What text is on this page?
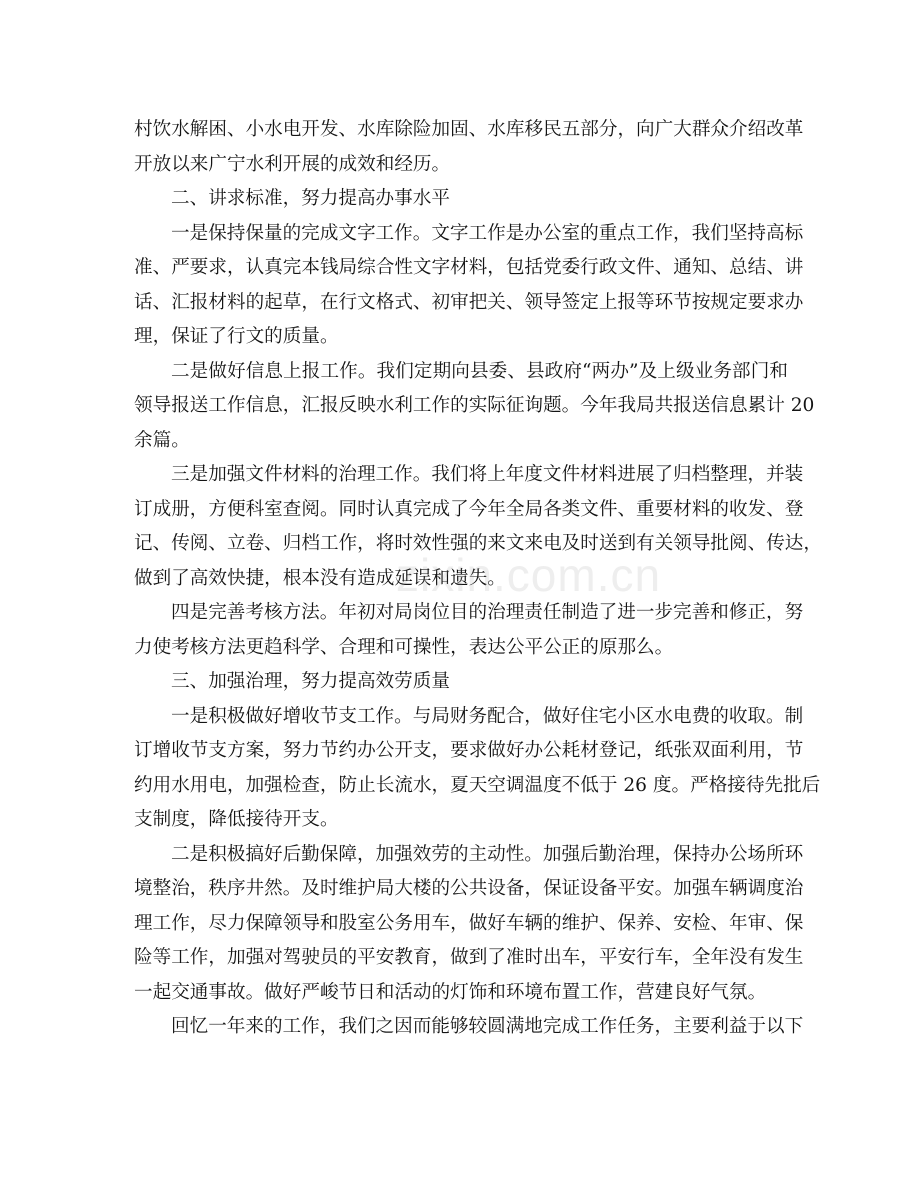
村饮水解困、小水电开发、水库除险加固、水库移民五部分，向广大群众介绍改革
开放以来广宁水利开展的成效和经历。
二、讲求标准，努力提高办事水平
一是保持保量的完成文字工作。文字工作是办公室的重点工作，我们坚持高标
准、严要求，认真完本钱局综合性文字材料，包括党委行政文件、通知、总结、讲
话、汇报材料的起草，在行文格式、初审把关、领导签定上报等环节按规定要求办
理，保证了行文的质量。
二是做好信息上报工作。我们定期向县委、县政府“两办”及上级业务部门和
领导报送工作信息，汇报反映水利工作的实际征询题。今年我局共报送信息累计 20
余篇。
三是加强文件材料的治理工作。我们将上年度文件材料进展了归档整理，并装
订成册，方便科室查阅。同时认真完成了今年全局各类文件、重要材料的收发、登
记、传阅、立卷、归档工作，将时效性强的来文来电及时送到有关领导批阅、传达，
做到了高效快捷，根本没有造成延误和遗失。
四是完善考核方法。年初对局岗位目的治理责任制造了进一步完善和修正，努
力使考核方法更趋科学、合理和可操性，表达公平公正的原那么。
三、加强治理，努力提高效劳质量
一是积极做好增收节支工作。与局财务配合，做好住宅小区水电费的收取。制
订增收节支方案，努力节约办公开支，要求做好办公耗材登记，纸张双面利用，节
约用水用电，加强检查，防止长流水，夏天空调温度不低于 26 度。严格接待先批后
支制度，降低接待开支。
二是积极搞好后勤保障，加强效劳的主动性。加强后勤治理，保持办公场所环
境整治，秩序井然。及时维护局大楼的公共设备，保证设备平安。加强车辆调度治
理工作，尽力保障领导和股室公务用车，做好车辆的维护、保养、安检、年审、保
险等工作，加强对驾驶员的平安教育，做到了准时出车，平安行车，全年没有发生
一起交通事故。做好严峻节日和活动的灯饰和环境布置工作，营建良好气氛。
回忆一年来的工作，我们之因而能够较圆满地完成工作任务，主要利益于以下
zixin.com.cn
